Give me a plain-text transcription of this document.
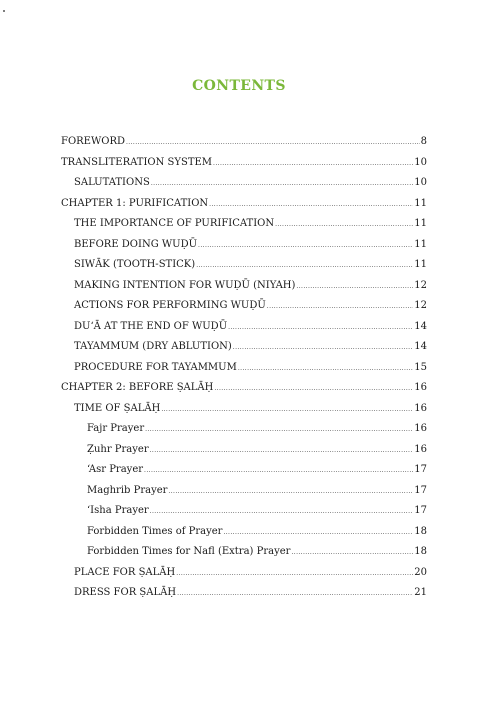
CONTENTS
FOREWORD .....	8
TRANSLITERATION SYSTEM .....	10
SALUTATIONS .....	10
CHAPTER 1: PURIFICATION .....	11
THE IMPORTANCE OF PURIFICATION .....	11
BEFORE DOING WUḌŪ .....	11
SIWĀK (TOOTH-STICK) .....	11
MAKING INTENTION FOR WUḌŪ (NIYAH) .....	12
ACTIONS FOR PERFORMING WUḌŪ .....	12
DU‘Ā AT THE END OF WUḌŪ .....	14
TAYAMMUM (DRY ABLUTION) .....	14
PROCEDURE FOR TAYAMMUM .....	15
CHAPTER 2: BEFORE ṢALĀḤ .....	16
TIME OF ṢALĀḤ .....	16
Fajr Prayer .....	16
Ẓuhr Prayer .....	16
‘Asr Prayer .....	17
Maghrib Prayer .....	17
‘Isha Prayer .....	17
Forbidden Times of Prayer .....	18
Forbidden Times for Nafl (Extra) Prayer .....	18
PLACE FOR ṢALĀḤ .....	20
DRESS FOR ṢALĀḤ .....	21
